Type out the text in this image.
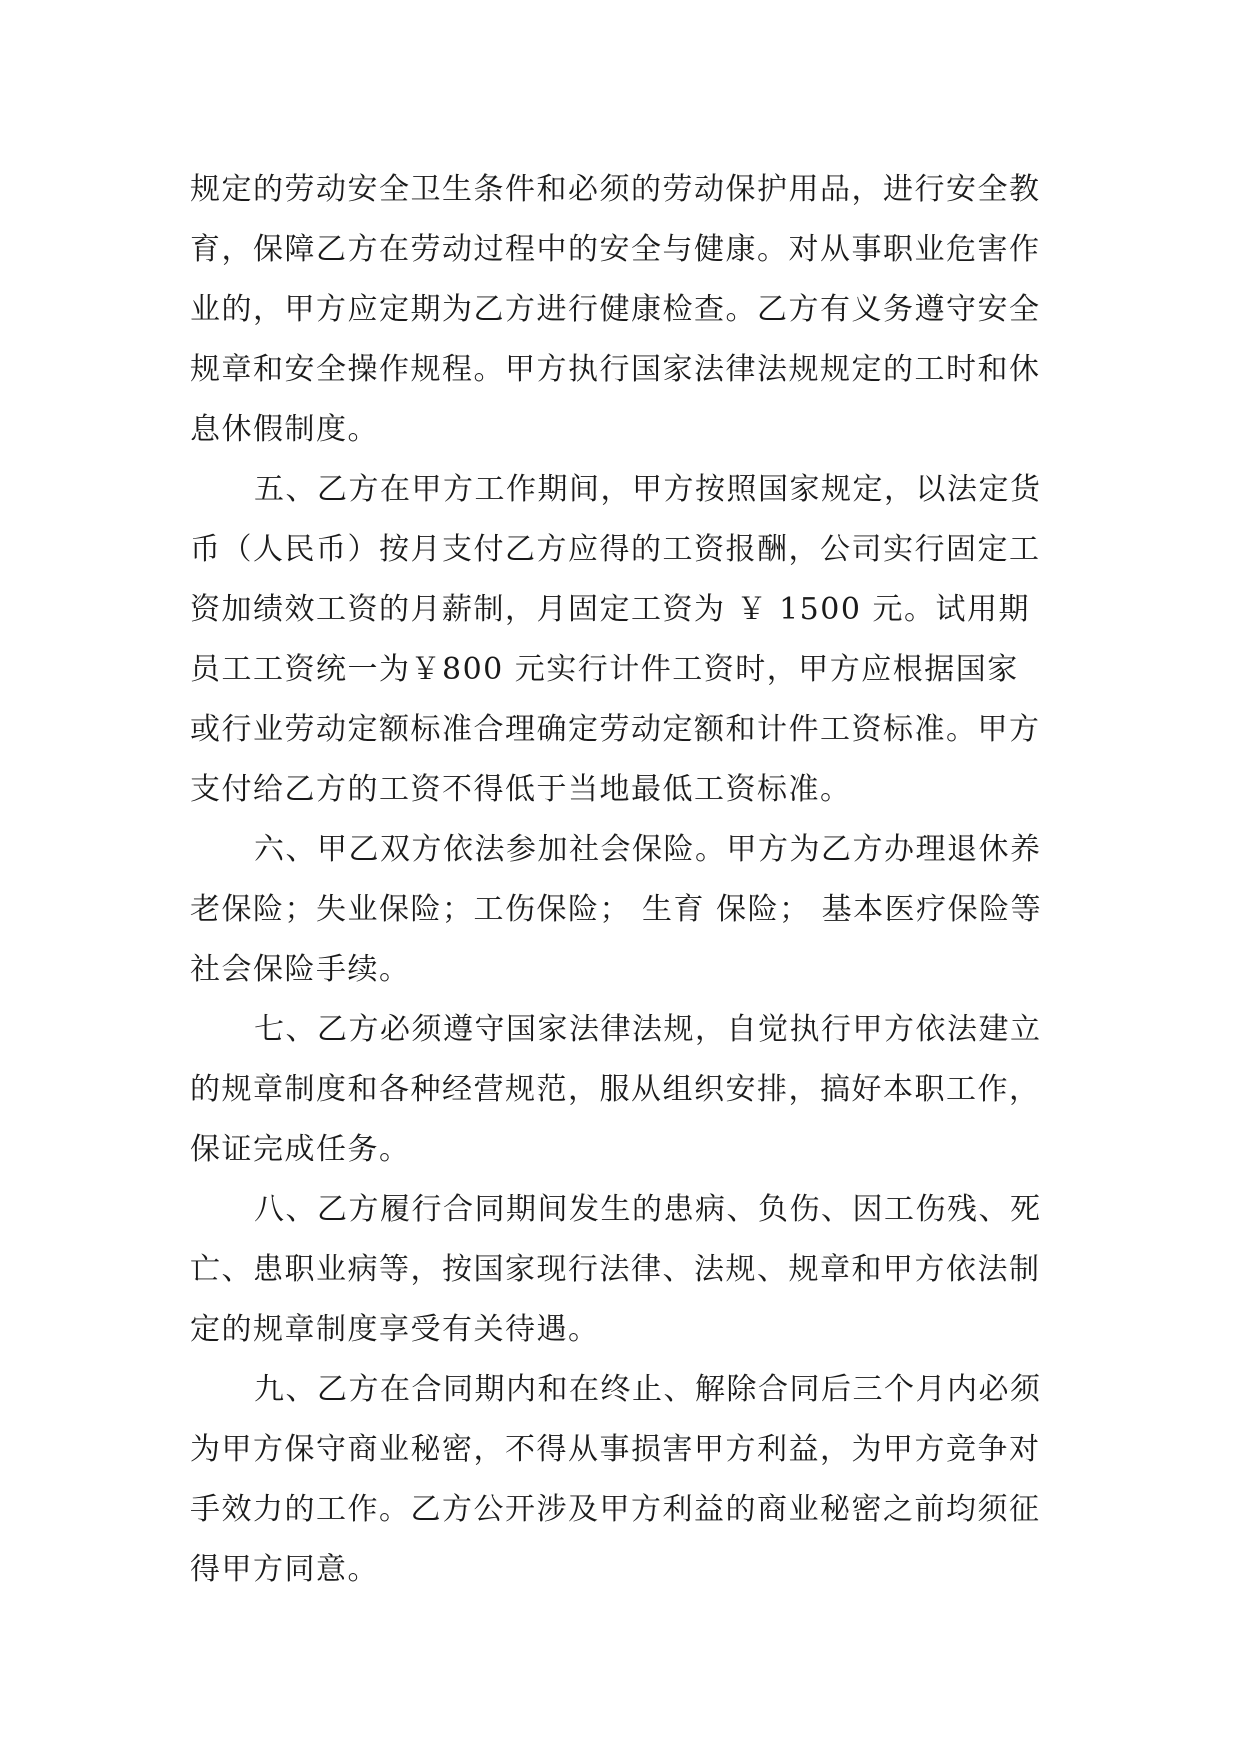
规定的劳动安全卫生条件和必须的劳动保护用品，进行安全教育，保障乙方在劳动过程中的安全与健康。对从事职业危害作业的，甲方应定期为乙方进行健康检查。乙方有义务遵守安全规章和安全操作规程。甲方执行国家法律法规规定的工时和休息休假制度。

五、乙方在甲方工作期间，甲方按照国家规定，以法定货币（人民币）按月支付乙方应得的工资报酬，公司实行固定工资加绩效工资的月薪制，月固定工资为 ￥ 1500 元。试用期员工工资统一为￥800 元实行计件工资时，甲方应根据国家或行业劳动定额标准合理确定劳动定额和计件工资标准。甲方支付给乙方的工资不得低于当地最低工资标准。

六、甲乙双方依法参加社会保险。甲方为乙方办理退休养老保险；失业保险；工伤保险； 生育 保险； 基本医疗保险等社会保险手续。

七、乙方必须遵守国家法律法规，自觉执行甲方依法建立的规章制度和各种经营规范，服从组织安排，搞好本职工作，保证完成任务。

八、乙方履行合同期间发生的患病、负伤、因工伤残、死亡、患职业病等，按国家现行法律、法规、规章和甲方依法制定的规章制度享受有关待遇。

九、乙方在合同期内和在终止、解除合同后三个月内必须为甲方保守商业秘密，不得从事损害甲方利益，为甲方竞争对手效力的工作。乙方公开涉及甲方利益的商业秘密之前均须征得甲方同意。
